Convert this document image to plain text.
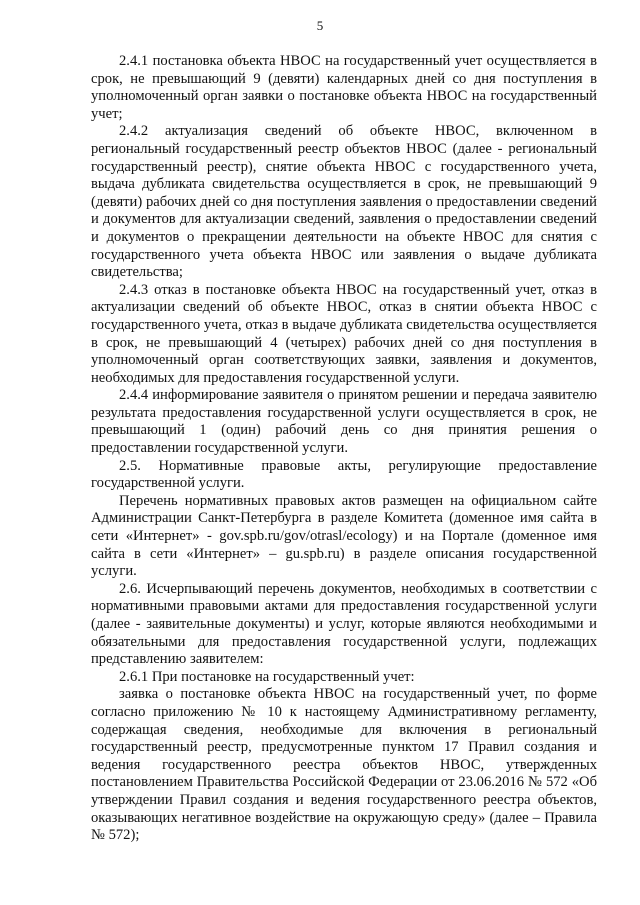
5

2.4.1 постановка объекта НВОС на государственный учет осуществляется в срок, не превышающий 9 (девяти) календарных дней со дня поступления в уполномоченный орган заявки о постановке объекта НВОС на государственный учет;

2.4.2 актуализация сведений об объекте НВОС, включенном в региональный государственный реестр объектов НВОС (далее - региональный государственный реестр), снятие объекта НВОС с государственного учета, выдача дубликата свидетельства осуществляется в срок, не превышающий 9 (девяти) рабочих дней со дня поступления заявления о предоставлении сведений и документов для актуализации сведений, заявления о предоставлении сведений и документов о прекращении деятельности на объекте НВОС для снятия с государственного учета объекта НВОС или заявления о выдаче дубликата свидетельства;

2.4.3 отказ в постановке объекта НВОС на государственный учет, отказ в актуализации сведений об объекте НВОС, отказ в снятии объекта НВОС с государственного учета, отказ в выдаче дубликата свидетельства осуществляется в срок, не превышающий 4 (четырех) рабочих дней со дня поступления в уполномоченный орган соответствующих заявки, заявления и документов, необходимых для предоставления государственной услуги.

2.4.4 информирование заявителя о принятом решении и передача заявителю результата предоставления государственной услуги осуществляется в срок, не превышающий 1 (один) рабочий день со дня принятия решения о предоставлении государственной услуги.

2.5. Нормативные правовые акты, регулирующие предоставление государственной услуги.

Перечень нормативных правовых актов размещен на официальном сайте Администрации Санкт-Петербурга в разделе Комитета (доменное имя сайта в сети «Интернет» - gov.spb.ru/gov/otrasl/ecology) и на Портале (доменное имя сайта в сети «Интернет» – gu.spb.ru) в разделе описания государственной услуги.

2.6. Исчерпывающий перечень документов, необходимых в соответствии с нормативными правовыми актами для предоставления государственной услуги (далее - заявительные документы) и услуг, которые являются необходимыми и обязательными для предоставления государственной услуги, подлежащих представлению заявителем:

2.6.1 При постановке на государственный учет:

заявка о постановке объекта НВОС на государственный учет, по форме согласно приложению № 10 к настоящему Административному регламенту, содержащая сведения, необходимые для включения в региональный государственный реестр, предусмотренные пунктом 17 Правил создания и ведения государственного реестра объектов НВОС, утвержденных постановлением Правительства Российской Федерации от 23.06.2016 № 572 «Об утверждении Правил создания и ведения государственного реестра объектов, оказывающих негативное воздействие на окружающую среду» (далее – Правила № 572);
